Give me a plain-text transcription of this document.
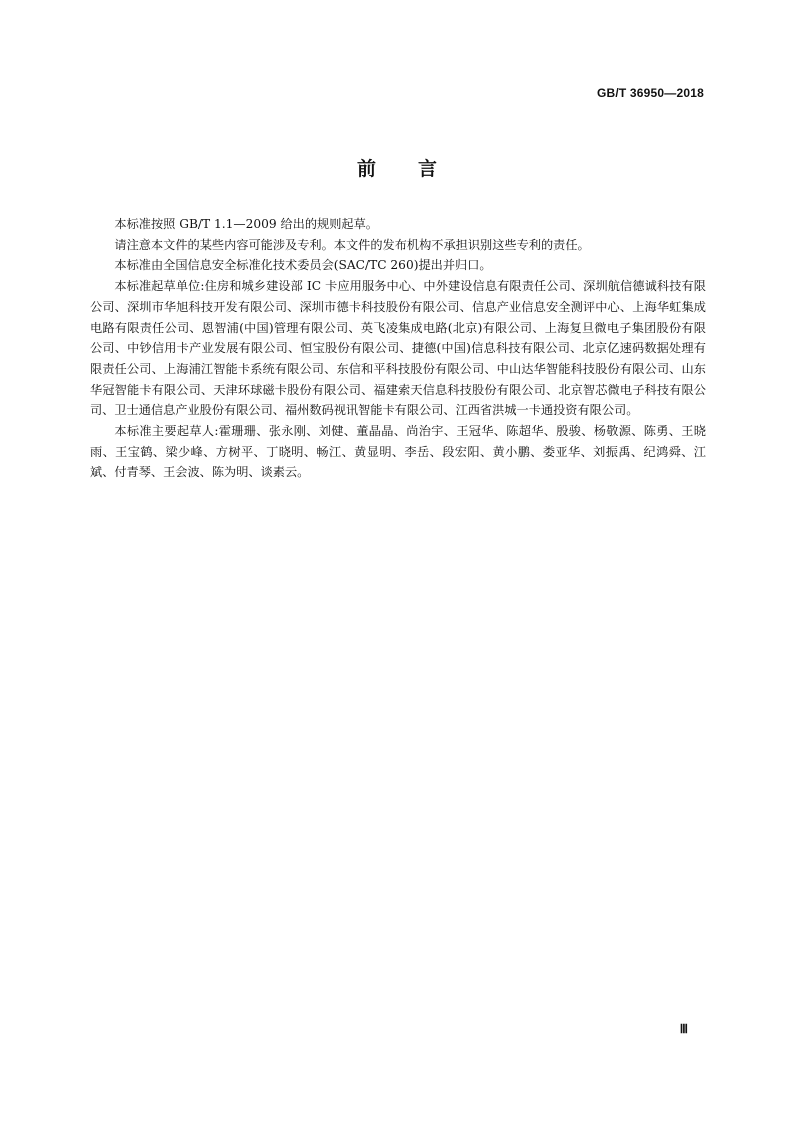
GB/T 36950—2018
前言

本标准按照 GB/T 1.1—2009 给出的规则起草。

请注意本文件的某些内容可能涉及专利。本文件的发布机构不承担识别这些专利的责任。

本标准由全国信息安全标准化技术委员会(SAC/TC 260)提出并归口。

本标准起草单位:住房和城乡建设部 IC 卡应用服务中心、中外建设信息有限责任公司、深圳航信德诚科技有限公司、深圳市华旭科技开发有限公司、深圳市德卡科技股份有限公司、信息产业信息安全测评中心、上海华虹集成电路有限责任公司、恩智浦(中国)管理有限公司、英飞凌集成电路(北京)有限公司、上海复旦微电子集团股份有限公司、中钞信用卡产业发展有限公司、恒宝股份有限公司、捷德(中国)信息科技有限公司、北京亿速码数据处理有限责任公司、上海浦江智能卡系统有限公司、东信和平科技股份有限公司、中山达华智能科技股份有限公司、山东华冠智能卡有限公司、天津环球磁卡股份有限公司、福建索天信息科技股份有限公司、北京智芯微电子科技有限公司、卫士通信息产业股份有限公司、福州数码视讯智能卡有限公司、江西省洪城一卡通投资有限公司。

本标准主要起草人:霍珊珊、张永刚、刘健、董晶晶、尚治宇、王冠华、陈超华、殷骏、杨敬源、陈勇、王晓雨、王宝鹤、梁少峰、方树平、丁晓明、畅江、黄显明、李岳、段宏阳、黄小鹏、娄亚华、刘振禹、纪鸿舜、江斌、付青琴、王会波、陈为明、谈素云。

Ⅲ
